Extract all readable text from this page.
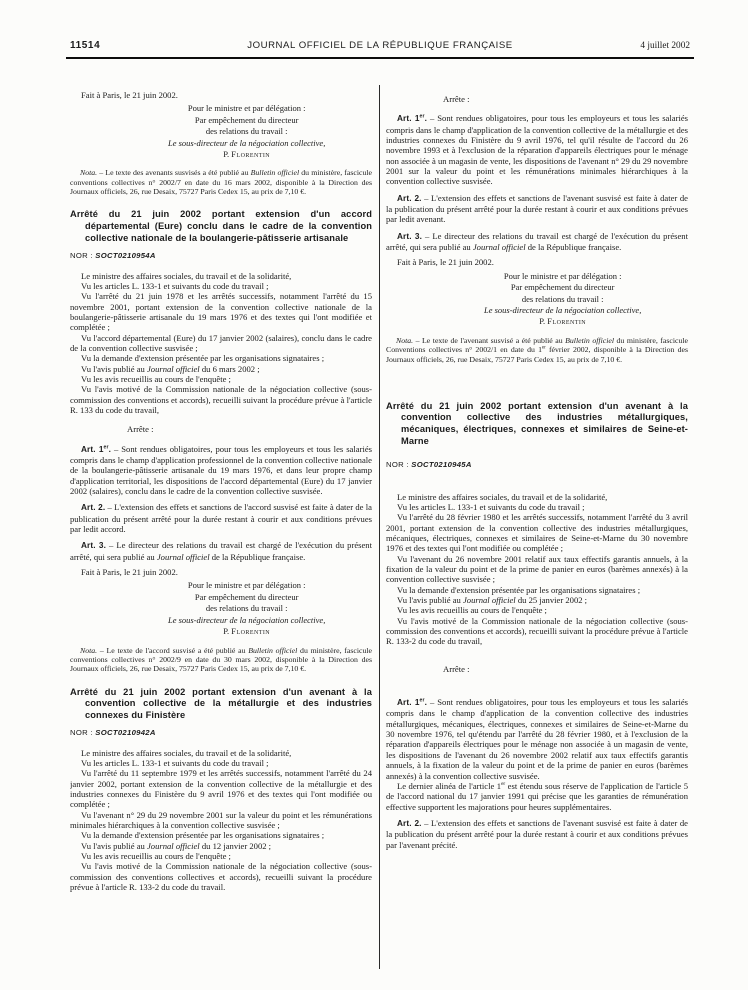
11514	JOURNAL OFFICIEL DE LA RÉPUBLIQUE FRANÇAISE	4 juillet 2002

Fait à Paris, le 21 juin 2002.

Pour le ministre et par délégation :
Par empêchement du directeur
des relations du travail :
Le sous-directeur de la négociation collective,
P. Florentin

Nota. – Le texte des avenants susvisés a été publié au Bulletin officiel du ministère, fascicule conventions collectives n° 2002/7 en date du 16 mars 2002, disponible à la Direction des Journaux officiels, 26, rue Desaix, 75727 Paris Cedex 15, au prix de 7,10 €.

Arrêté du 21 juin 2002 portant extension d'un accord départemental (Eure) conclu dans le cadre de la convention collective nationale de la boulangerie-pâtisserie artisanale

NOR : SOCT0210954A

Le ministre des affaires sociales, du travail et de la solidarité,

Vu les articles L. 133-1 et suivants du code du travail ;

Vu l'arrêté du 21 juin 1978 et les arrêtés successifs, notamment l'arrêté du 15 novembre 2001, portant extension de la convention collective nationale de la boulangerie-pâtisserie artisanale du 19 mars 1976 et des textes qui l'ont modifiée et complétée ;

Vu l'accord départemental (Eure) du 17 janvier 2002 (salaires), conclu dans le cadre de la convention collective susvisée ;

Vu la demande d'extension présentée par les organisations signataires ;

Vu l'avis publié au Journal officiel du 6 mars 2002 ;

Vu les avis recueillis au cours de l'enquête ;

Vu l'avis motivé de la Commission nationale de la négociation collective (sous-commission des conventions et accords), recueilli suivant la procédure prévue à l'article R. 133 du code du travail,

Arrête :

Art. 1er. – Sont rendues obligatoires, pour tous les employeurs et tous les salariés compris dans le champ d'application professionnel de la convention collective nationale de la boulangerie-pâtisserie artisanale du 19 mars 1976, et dans leur propre champ d'application territorial, les dispositions de l'accord départemental (Eure) du 17 janvier 2002 (salaires), conclu dans le cadre de la convention collective susvisée.

Art. 2. – L'extension des effets et sanctions de l'accord susvisé est faite à dater de la publication du présent arrêté pour la durée restant à courir et aux conditions prévues par ledit accord.

Art. 3. – Le directeur des relations du travail est chargé de l'exécution du présent arrêté, qui sera publié au Journal officiel de la République française.

Fait à Paris, le 21 juin 2002.

Pour le ministre et par délégation :
Par empêchement du directeur
des relations du travail :
Le sous-directeur de la négociation collective,
P. Florentin

Nota. – Le texte de l'accord susvisé a été publié au Bulletin officiel du ministère, fascicule conventions collectives n° 2002/9 en date du 30 mars 2002, disponible à la Direction des Journaux officiels, 26, rue Desaix, 75727 Paris Cedex 15, au prix de 7,10 €.

Arrêté du 21 juin 2002 portant extension d'un avenant à la convention collective de la métallurgie et des industries connexes du Finistère

NOR : SOCT0210942A

Le ministre des affaires sociales, du travail et de la solidarité,

Vu les articles L. 133-1 et suivants du code du travail ;

Vu l'arrêté du 11 septembre 1979 et les arrêtés successifs, notamment l'arrêté du 24 janvier 2002, portant extension de la convention collective de la métallurgie et des industries connexes du Finistère du 9 avril 1976 et des textes qui l'ont modifiée ou complétée ;

Vu l'avenant n° 29 du 29 novembre 2001 sur la valeur du point et les rémunérations minimales hiérarchiques à la convention collective susvisée ;

Vu la demande d'extension présentée par les organisations signataires ;

Vu l'avis publié au Journal officiel du 12 janvier 2002 ;

Vu les avis recueillis au cours de l'enquête ;

Vu l'avis motivé de la Commission nationale de la négociation collective (sous-commission des conventions collectives et accords), recueilli suivant la procédure prévue à l'article R. 133-2 du code du travail.

Arrête :

Art. 1er. – Sont rendues obligatoires, pour tous les employeurs et tous les salariés compris dans le champ d'application de la convention collective de la métallurgie et des industries connexes du Finistère du 9 avril 1976, tel qu'il résulte de l'accord du 26 novembre 1993 et à l'exclusion de la réparation d'appareils électriques pour le ménage non associée à un magasin de vente, les dispositions de l'avenant n° 29 du 29 novembre 2001 sur la valeur du point et les rémunérations minimales hiérarchiques à la convention collective susvisée.

Art. 2. – L'extension des effets et sanctions de l'avenant susvisé est faite à dater de la publication du présent arrêté pour la durée restant à courir et aux conditions prévues par ledit avenant.

Art. 3. – Le directeur des relations du travail est chargé de l'exécution du présent arrêté, qui sera publié au Journal officiel de la République française.

Fait à Paris, le 21 juin 2002.

Pour le ministre et par délégation :
Par empêchement du directeur
des relations du travail :
Le sous-directeur de la négociation collective,
P. Florentin

Nota. – Le texte de l'avenant susvisé a été publié au Bulletin officiel du ministère, fascicule Conventions collectives n° 2002/1 en date du 1er février 2002, disponible à la Direction des Journaux officiels, 26, rue Desaix, 75727 Paris Cedex 15, au prix de 7,10 €.

Arrêté du 21 juin 2002 portant extension d'un avenant à la convention collective des industries métallurgiques, mécaniques, électriques, connexes et similaires de Seine-et-Marne

NOR : SOCT0210945A

Le ministre des affaires sociales, du travail et de la solidarité,

Vu les articles L. 133-1 et suivants du code du travail ;

Vu l'arrêté du 28 février 1980 et les arrêtés successifs, notamment l'arrêté du 3 avril 2001, portant extension de la convention collective des industries métallurgiques, mécaniques, électriques, connexes et similaires de Seine-et-Marne du 30 novembre 1976 et des textes qui l'ont modifiée ou complétée ;

Vu l'avenant du 26 novembre 2001 relatif aux taux effectifs garantis annuels, à la fixation de la valeur du point et de la prime de panier en euros (barèmes annexés) à la convention collective susvisée ;

Vu la demande d'extension présentée par les organisations signataires ;

Vu l'avis publié au Journal officiel du 25 janvier 2002 ;

Vu les avis recueillis au cours de l'enquête ;

Vu l'avis motivé de la Commission nationale de la négociation collective (sous-commission des conventions et accords), recueilli suivant la procédure prévue à l'article R. 133-2 du code du travail,

Arrête :

Art. 1er. – Sont rendues obligatoires, pour tous les employeurs et tous les salariés compris dans le champ d'application de la convention collective des industries métallurgiques, mécaniques, électriques, connexes et similaires de Seine-et-Marne du 30 novembre 1976, tel qu'étendu par l'arrêté du 28 février 1980, et à l'exclusion de la réparation d'appareils électriques pour le ménage non associée à un magasin de vente, les dispositions de l'avenant du 26 novembre 2002 relatif aux taux effectifs garantis annuels, à la fixation de la valeur du point et de la prime de panier en euros (barèmes annexés) à la convention collective susvisée.

Le dernier alinéa de l'article 1er est étendu sous réserve de l'application de l'article 5 de l'accord national du 17 janvier 1991 qui précise que les garanties de rémunération effective supportent les majorations pour heures supplémentaires.

Art. 2. – L'extension des effets et sanctions de l'avenant susvisé est faite à dater de la publication du présent arrêté pour la durée restant à courir et aux conditions prévues par l'avenant précité.
